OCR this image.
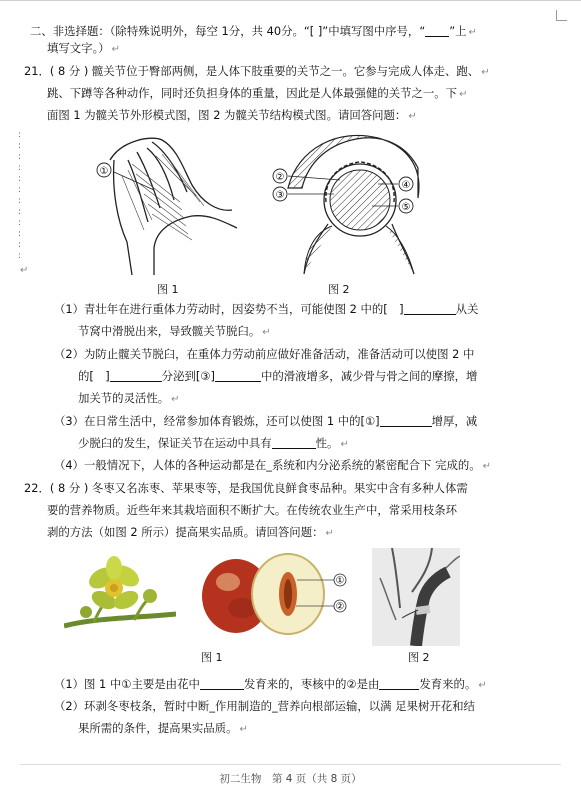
二、非选择题：（除特殊说明外，每空 1分，共 40分。“[ ]”中填写图中序号，“ ”上 ↵
填写文字。） ↵
21．( 8 分 ) 髋关节位于臀部两侧，是人体下肢重要的关节之一。它参与完成人体走、跑、 ↵
跳、下蹲等各种动作，同时还负担身体的重量，因此是人体最强健的关节之一。下 ↵
面图 1 为髋关节外形模式图，图 2 为髋关节结构模式图。请回答问题： ↵
:
:
:
:
:
:
:
:
:
:
:
:
↵
①
②
③
④
⑤
图 1	图 2
（1）青壮年在进行重体力劳动时，因姿势不当，可能使图 2 中的[　]	从关
节窝中滑脱出来，导致髋关节脱臼。 ↵
（2）为防止髋关节脱臼，在重体力劳动前应做好准备活动，准备活动可以使图 2 中
的[　]	分泌到[③]	中的滑液增多，减少骨与骨之间的摩擦，增
加关节的灵活性。 ↵
（3）在日常生活中，经常参加体育锻炼，还可以使图 1 中的[①]	增厚，减
少脱臼的发生，保证关节在运动中具有	性。 ↵
（4）一般情况下，人体的各种运动都是在_系统和内分泌系统的紧密配合下 完成的。 ↵
22．( 8 分 ) 冬枣又名冻枣、苹果枣等，是我国优良鲜食枣品种。果实中含有多种人体需
要的营养物质。近些年来其栽培面积不断扩大。在传统农业生产中，常采用枝条环
剥的方法（如图 2 所示）提高果实品质。请回答问题： ↵
①
②
图 1	图 2
（1）图 1 中①主要是由花中	发育来的，枣核中的②是由	发育来的。 ↵
（2）环剥冬枣枝条，暂时中断_作用制造的_营养向根部运输，以满 足果树开花和结
果所需的条件，提高果实品质。 ↵
初二生物　第 4 页（共 8 页）
